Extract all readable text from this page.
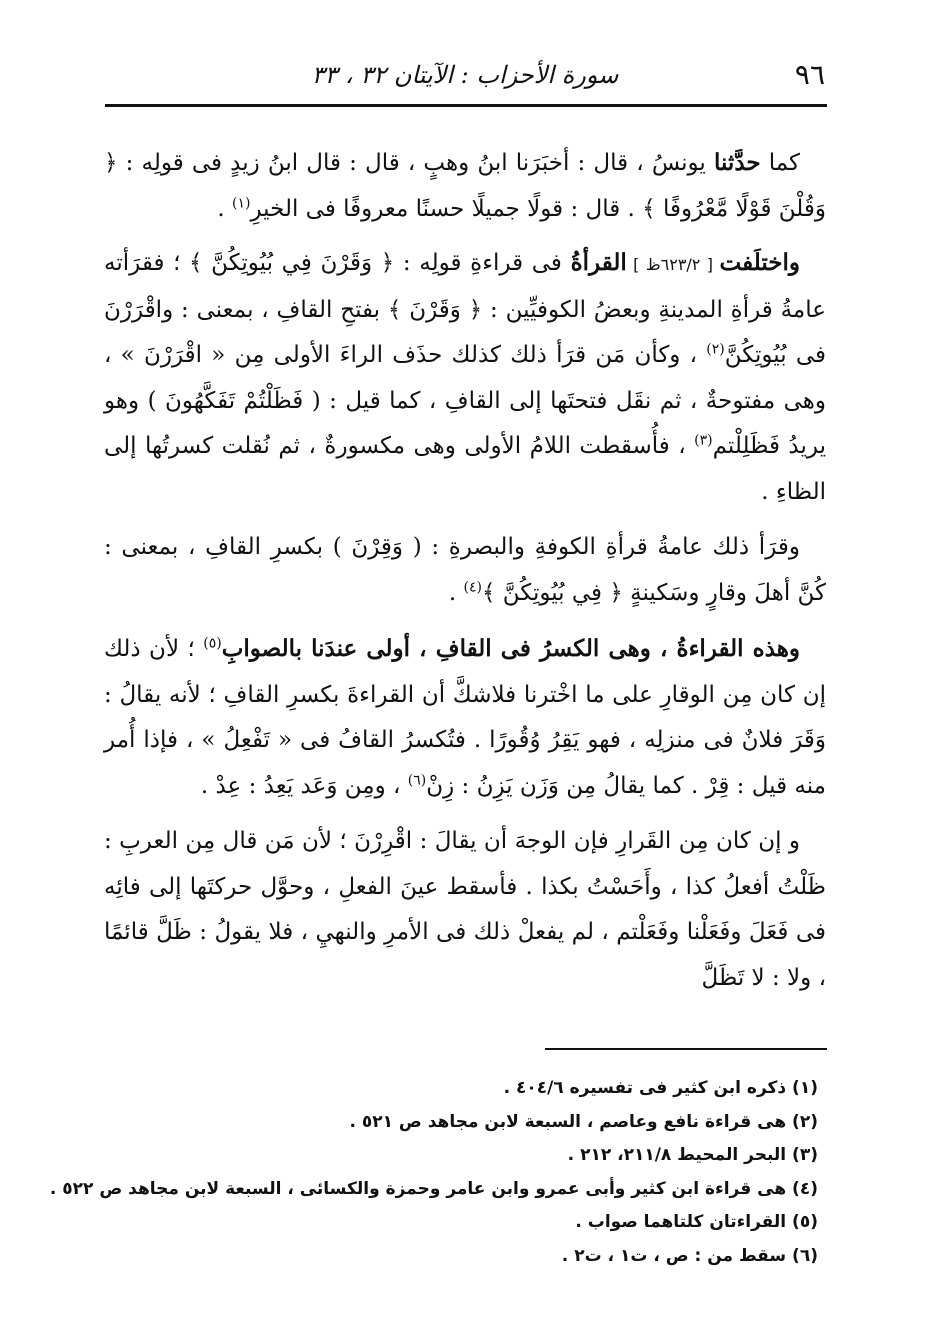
٩٦
سورة الأحزاب : الآيتان ٣٢ ، ٣٣

كما حدَّثنا يونسُ ، قال : أخبَرَنا ابنُ وهبٍ ، قال : قال ابنُ زيدٍ فى قولِه : ﴿ وَقُلْنَ قَوْلًا مَّعْرُوفًا ﴾ . قال : قولًا جميلًا حسنًا معروفًا فى الخيرِ$^{(١)}$ .

واختلَفت [ ٦٢٣/٢ظ ] القرأةُ فى قراءةِ قولِه : ﴿ وَقَرْنَ فِي بُيُوتِكُنَّ ﴾ ؛ فقرَأته عامةُ قرأةِ المدينةِ وبعضُ الكوفيِّين : ﴿ وَقَرْنَ ﴾ بفتحِ القافِ ، بمعنى : واقْرَرْنَ فى بُيُوتِكُنَّ$^{(٢)}$ ، وكأن مَن قرَأ ذلك كذلك حذَف الراءَ الأولى مِن « اقْرَرْنَ » ، وهى مفتوحةٌ ، ثم نقَل فتحتَها إلى القافِ ، كما قيل : ( فَظَلْتُمْ تَفَكَّهُونَ ) وهو يريدُ فَظَلِلْتم$^{(٣)}$ ، فأُسقطت اللامُ الأولى وهى مكسورةٌ ، ثم نُقلت كسرتُها إلى الظاءِ .

وقرَأ ذلك عامةُ قرأةِ الكوفةِ والبصرةِ : ( وَقِرْنَ ) بكسرِ القافِ ، بمعنى : كُنَّ أهلَ وقارٍ وسَكينةٍ ﴿ فِي بُيُوتِكُنَّ ﴾$^{(٤)}$ .

وهذه القراءةُ ، وهى الكسرُ فى القافِ ، أولى عندَنا بالصوابِ$^{(٥)}$ ؛ لأن ذلك إن كان مِن الوقارِ على ما اخْترنا فلاشكَّ أن القراءةَ بكسرِ القافِ ؛ لأنه يقالُ : وَقَرَ فلانٌ فى منزلِه ، فهو يَقِرُ وُقُورًا . فتُكسرُ القافُ فى « تَفْعِلُ » ، فإذا أُمر منه قيل : قِرْ . كما يقالُ مِن وَزَن يَزِنُ : زِنْ$^{(٦)}$ ، ومِن وَعَد يَعِدُ : عِدْ .

و إن كان مِن القَرارِ فإن الوجهَ أن يقالَ : اقْرِرْنَ ؛ لأن مَن قال مِن العربِ : ظَلْتُ أفعلُ كذا ، وأَحَسْتُ بكذا . فأسقط عينَ الفعلِ ، وحوَّل حركتَها إلى فائِه فى فَعَلَ وفَعَلْنا وفَعَلْتم ، لم يفعلْ ذلك فى الأمرِ والنهيِ ، فلا يقولُ : ظَلَّ قائمًا ، ولا : لا تَظَلَّ

(١) ذكره ابن كثير فى تفسيره ٤٠٤/٦ .

(٢) هى قراءة نافع وعاصم ، السبعة لابن مجاهد ص ٥٢١ .

(٣) البحر المحيط ٢١١/٨، ٢١٢ .

(٤) هى قراءة ابن كثير وأبى عمرو وابن عامر وحمزة والكسائى ، السبعة لابن مجاهد ص ٥٢٢ .

(٥) القراءتان كلتاهما صواب .

(٦) سقط من : ص ، ت١ ، ت٢ .
